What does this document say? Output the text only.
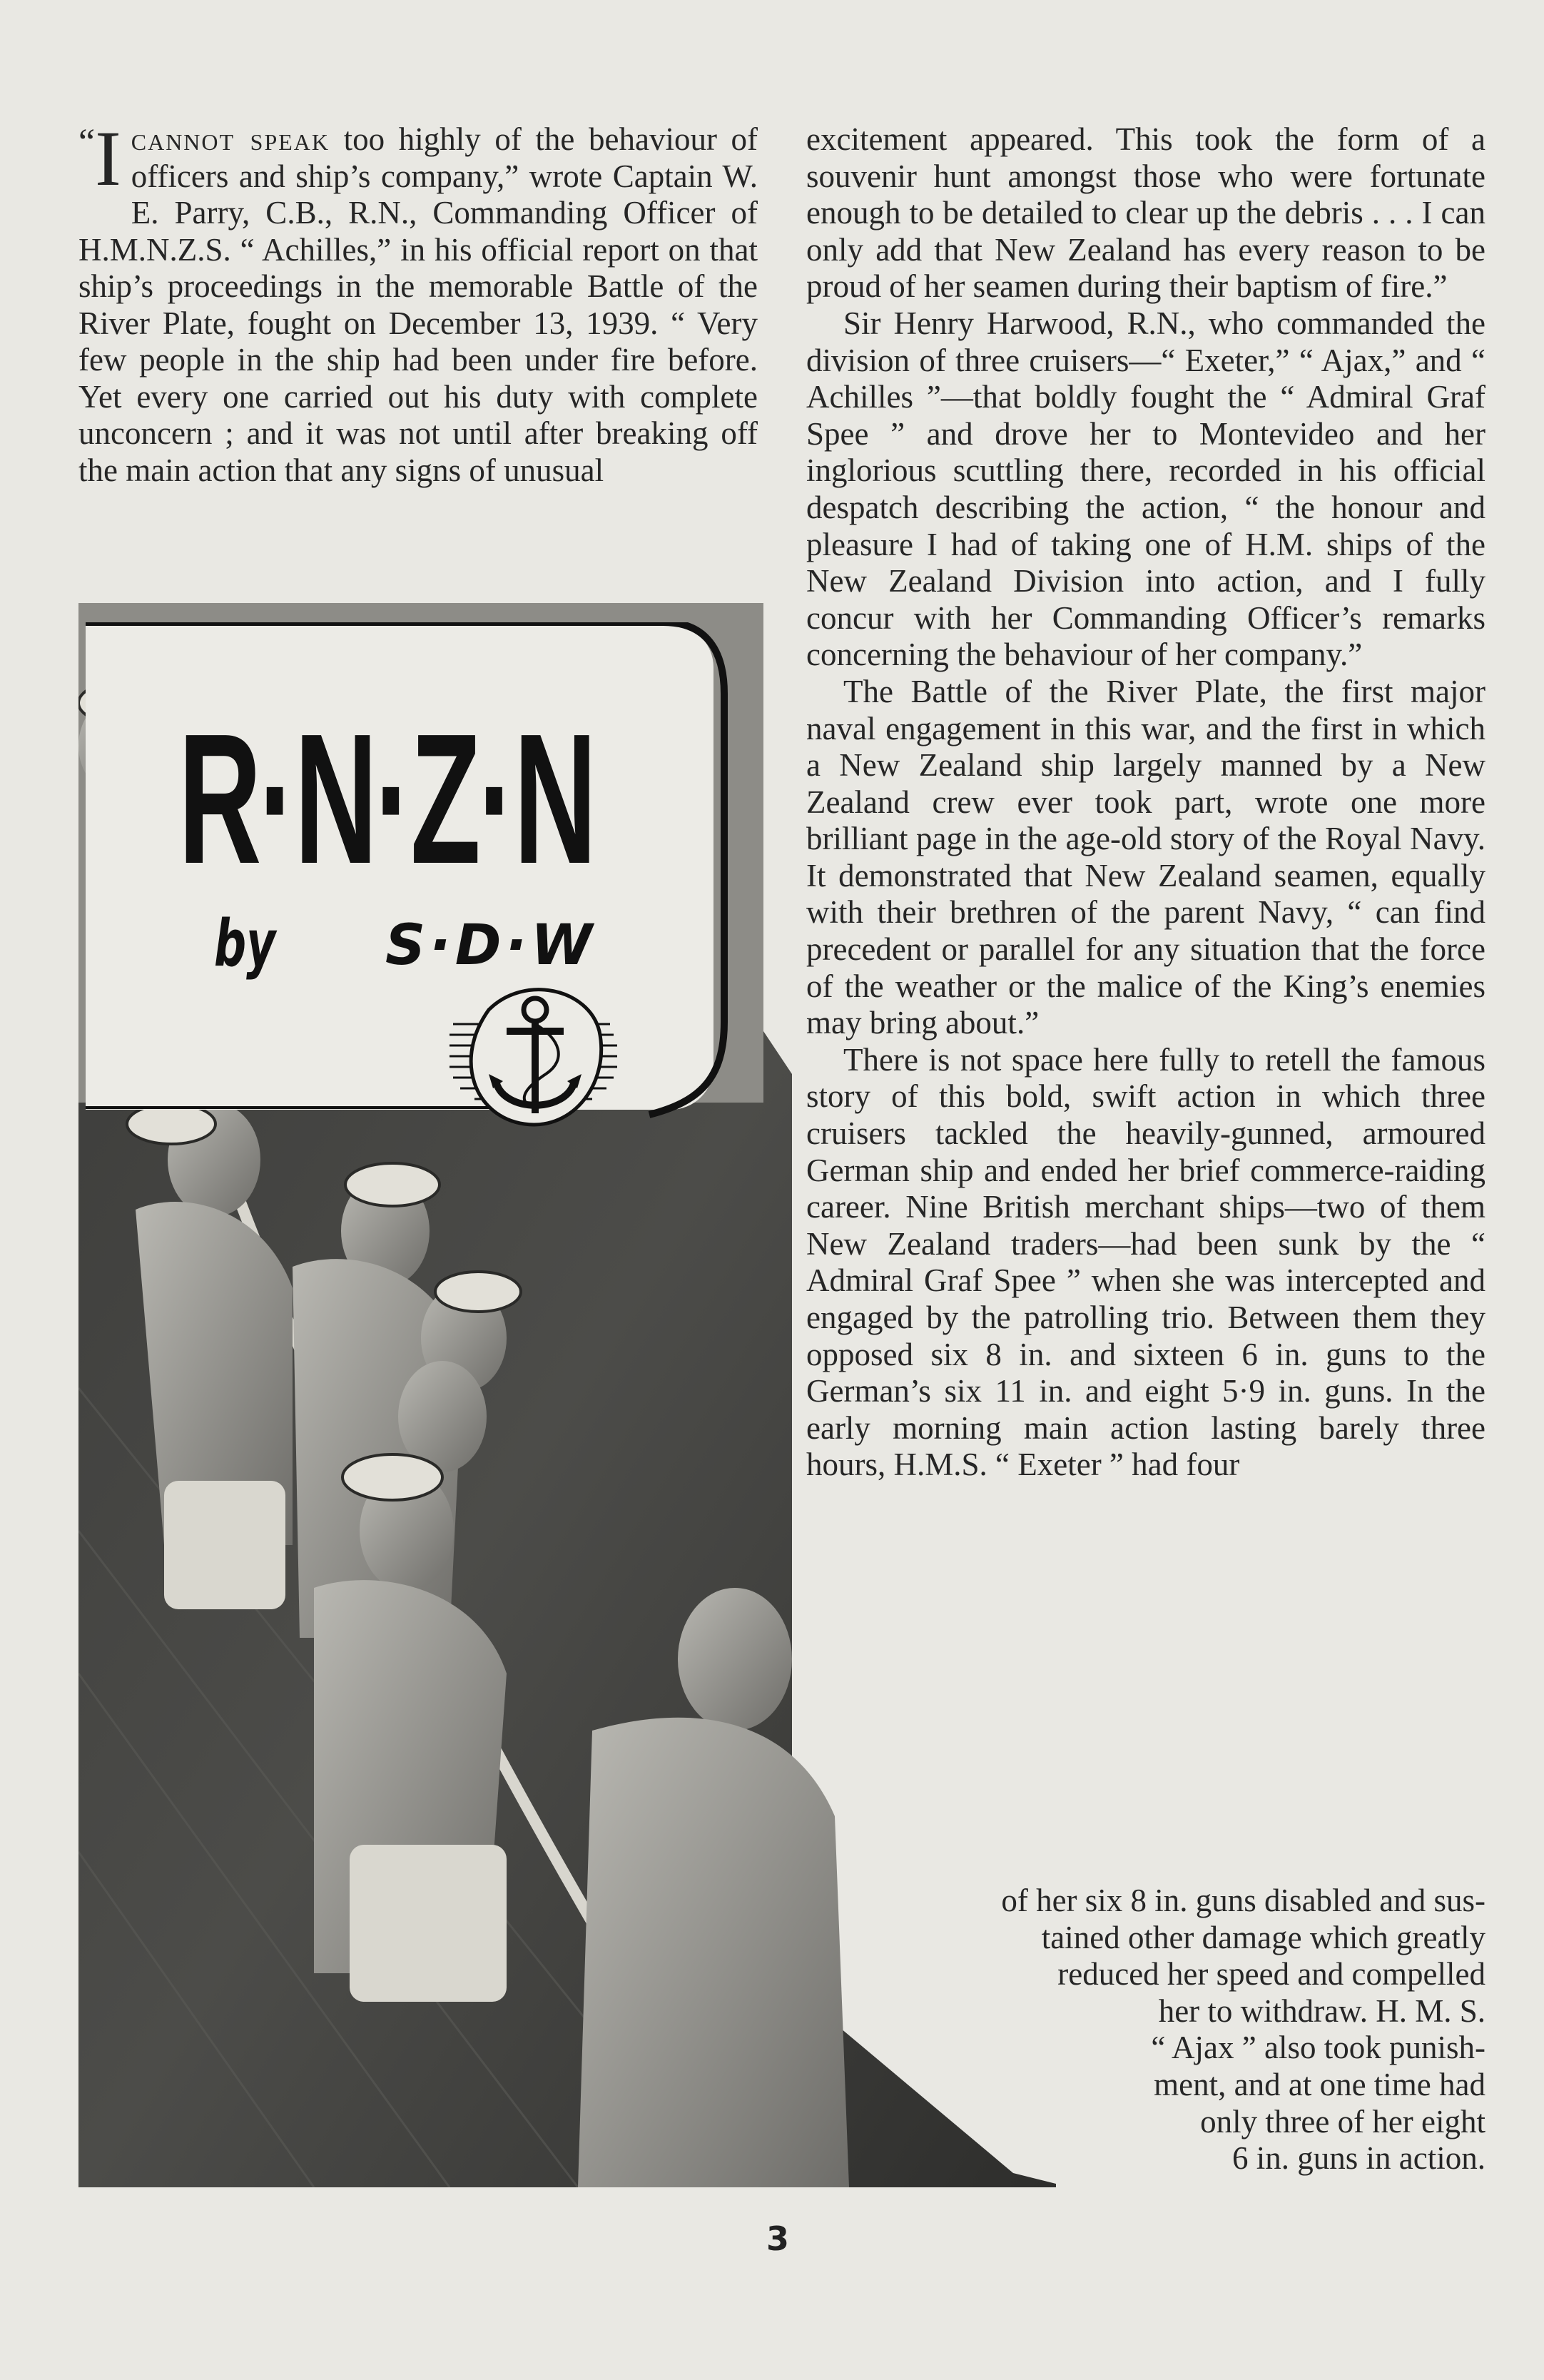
“I cannot speak too highly of the behaviour of officers and ship’s company,” wrote Captain W. E. Parry, C.B., R.N., Commanding Officer of H.M.N.Z.S. “ Achilles,” in his official report on that ship’s proceedings in the memorable Battle of the River Plate, fought on December 13, 1939. “ Very few people in the ship had been under fire before. Yet every one carried out his duty with complete unconcern ; and it was not until after breaking off the main action that any signs of unusual
R·N·Z·N
by S·D·W

excitement appeared. This took the form of a souvenir hunt amongst those who were fortunate enough to be detailed to clear up the debris . . . I can only add that New Zealand has every reason to be proud of her seamen during their baptism of fire.”

Sir Henry Harwood, R.N., who commanded the division of three cruisers—“ Exeter,” “ Ajax,” and “ Achilles ”—that boldly fought the “ Admiral Graf Spee ” and drove her to Montevideo and her inglorious scuttling there, recorded in his official despatch describing the action, “ the honour and pleasure I had of taking one of H.M. ships of the New Zealand Division into action, and I fully concur with her Commanding Officer’s remarks concerning the behaviour of her company.”

The Battle of the River Plate, the first major naval engagement in this war, and the first in which a New Zealand ship largely manned by a New Zealand crew ever took part, wrote one more brilliant page in the age-old story of the Royal Navy. It demonstrated that New Zealand seamen, equally with their brethren of the parent Navy, “ can find precedent or parallel for any situation that the force of the weather or the malice of the King’s enemies may bring about.”

There is not space here fully to retell the famous story of this bold, swift action in which three cruisers tackled the heavily-gunned, armoured German ship and ended her brief commerce-raiding career. Nine British merchant ships—two of them New Zealand traders—had been sunk by the “ Admiral Graf Spee ” when she was intercepted and engaged by the patrolling trio. Between them they opposed six 8 in. and sixteen 6 in. guns to the German’s six 11 in. and eight 5·9 in. guns. In the early morning main action lasting barely three hours, H.M.S. “ Exeter ” had four

of her six 8 in. guns disabled and sus-

tained other damage which greatly

reduced her speed and compelled

her to withdraw. H. M. S.

“ Ajax ” also took punish-

ment, and at one time had

only three of her eight

6 in. guns in action.

3
